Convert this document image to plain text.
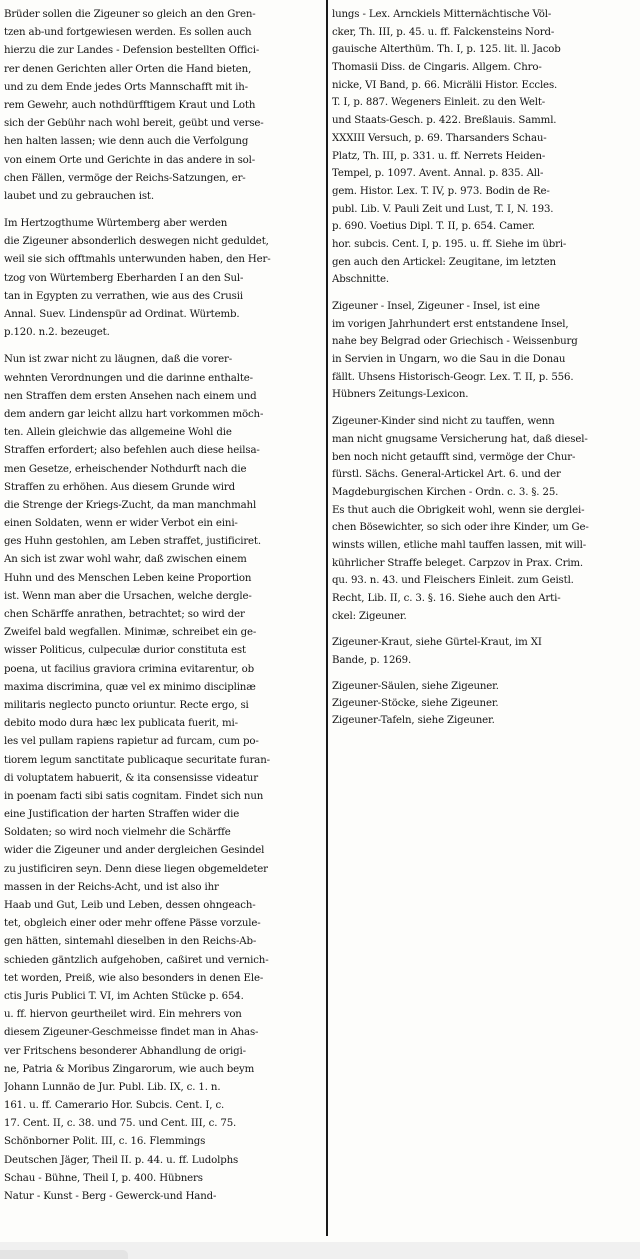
Brüder sollen die Zigeuner so gleich an den Gren-
tzen ab-und fortgewiesen werden. Es sollen auch
hierzu die zur Landes - Defension bestellten Offici-
rer denen Gerichten aller Orten die Hand bieten,
und zu dem Ende jedes Orts Mannschafft mit ih-
rem Gewehr, auch nothdürfftigem Kraut und Loth
sich der Gebühr nach wohl bereit, geübt und verse-
hen halten lassen; wie denn auch die Verfolgung
von einem Orte und Gerichte in das andere in sol-
chen Fällen, vermöge der Reichs-Satzungen, er-
laubet und zu gebrauchen ist.
Im Hertzogthume Würtemberg aber werden
die Zigeuner absonderlich deswegen nicht geduldet,
weil sie sich offtmahls unterwunden haben, den Her-
tzog von Würtemberg Eberharden I an den Sul-
tan in Egypten zu verrathen, wie aus des Crusii
Annal. Suev. Lindenspür ad Ordinat. Würtemb.
p.120. n.2. bezeuget.
Nun ist zwar nicht zu läugnen, daß die vorer-
wehnten Verordnungen und die darinne enthalte-
nen Straffen dem ersten Ansehen nach einem und
dem andern gar leicht allzu hart vorkommen möch-
ten. Allein gleichwie das allgemeine Wohl die
Straffen erfordert; also befehlen auch diese heilsa-
men Gesetze, erheischender Nothdurft nach die
Straffen zu erhöhen. Aus diesem Grunde wird
die Strenge der Kriegs-Zucht, da man manchmahl
einen Soldaten, wenn er wider Verbot ein eini-
ges Huhn gestohlen, am Leben straffet, justificiret.
An sich ist zwar wohl wahr, daß zwischen einem
Huhn und des Menschen Leben keine Proportion
ist. Wenn man aber die Ursachen, welche dergle-
chen Schärffe anrathen, betrachtet; so wird der
Zweifel bald wegfallen. Minimæ, schreibet ein ge-
wisser Politicus, culpeculæ durior constituta est
poena, ut facilius graviora crimina evitarentur, ob
maxima discrimina, quæ vel ex minimo disciplinæ
militaris neglecto puncto oriuntur. Recte ergo, si
debito modo dura hæc lex publicata fuerit, mi-
les vel pullam rapiens rapietur ad furcam, cum po-
tiorem legum sanctitate publicaque securitate furan-
di voluptatem habuerit, & ita consensisse videatur
in poenam facti sibi satis cognitam. Findet sich nun
eine Justification der harten Straffen wider die
Soldaten; so wird noch vielmehr die Schärffe
wider die Zigeuner und ander dergleichen Gesindel
zu justificiren seyn. Denn diese liegen obgemeldeter
massen in der Reichs-Acht, und ist also ihr
Haab und Gut, Leib und Leben, dessen ohngeach-
tet, obgleich einer oder mehr offene Pässe vorzule-
gen hätten, sintemahl dieselben in den Reichs-Ab-
schieden gäntzlich aufgehoben, caßiret und vernich-
tet worden, Preiß, wie also besonders in denen Ele-
ctis Juris Publici T. VI, im Achten Stücke p. 654.
u. ff. hiervon geurtheilet wird. Ein mehrers von
diesem Zigeuner-Geschmeisse findet man in Ahas-
ver Fritschens besonderer Abhandlung de origi-
ne, Patria & Moribus Zingarorum, wie auch beym
Johann Lunnäo de Jur. Publ. Lib. IX, c. 1. n.
161. u. ff. Camerario Hor. Subcis. Cent. I, c.
17. Cent. II, c. 38. und 75. und Cent. III, c. 75.
Schönborner Polit. III, c. 16. Flemmings
Deutschen Jäger, Theil II. p. 44. u. ff. Ludolphs
Schau - Bühne, Theil I, p. 400. Hübners
Natur - Kunst - Berg - Gewerck-und Hand-
lungs - Lex. Arnckiels Mitternächtische Völ-
cker, Th. III, p. 45. u. ff. Falckensteins Nord-
gauische Alterthüm. Th. I, p. 125. lit. ll. Jacob
Thomasii Diss. de Cingaris. Allgem. Chro-
nicke, VI Band, p. 66. Micrälii Histor. Eccles.
T. I, p. 887. Wegeners Einleit. zu den Welt-
und Staats-Gesch. p. 422. Breßlauis. Samml.
XXXIII Versuch, p. 69. Tharsanders Schau-
Platz, Th. III, p. 331. u. ff. Nerrets Heiden-
Tempel, p. 1097. Avent. Annal. p. 835. All-
gem. Histor. Lex. T. IV, p. 973. Bodin de Re-
publ. Lib. V. Pauli Zeit und Lust, T. I, N. 193.
p. 690. Voetius Dipl. T. II, p. 654. Camer.
hor. subcis. Cent. I, p. 195. u. ff. Siehe im übri-
gen auch den Artickel: Zeugitane, im letzten
Abschnitte.
Zigeuner - Insel, Zigeuner - Insel, ist eine
im vorigen Jahrhundert erst entstandene Insel,
nahe bey Belgrad oder Griechisch - Weissenburg
in Servien in Ungarn, wo die Sau in die Donau
fällt. Uhsens Historisch-Geogr. Lex. T. II, p. 556.
Hübners Zeitungs-Lexicon.
Zigeuner-Kinder sind nicht zu tauffen, wenn
man nicht gnugsame Versicherung hat, daß diesel-
ben noch nicht getaufft sind, vermöge der Chur-
fürstl. Sächs. General-Artickel Art. 6. und der
Magdeburgischen Kirchen - Ordn. c. 3. §. 25.
Es thut auch die Obrigkeit wohl, wenn sie derglei-
chen Bösewichter, so sich oder ihre Kinder, um Ge-
winsts willen, etliche mahl tauffen lassen, mit will-
kührlicher Straffe beleget. Carpzov in Prax. Crim.
qu. 93. n. 43. und Fleischers Einleit. zum Geistl.
Recht, Lib. II, c. 3. §. 16. Siehe auch den Arti-
ckel: Zigeuner.
Zigeuner-Kraut, siehe Gürtel-Kraut, im XI
Bande, p. 1269.
Zigeuner-Säulen, siehe Zigeuner.
Zigeuner-Stöcke, siehe Zigeuner.
Zigeuner-Tafeln, siehe Zigeuner.
